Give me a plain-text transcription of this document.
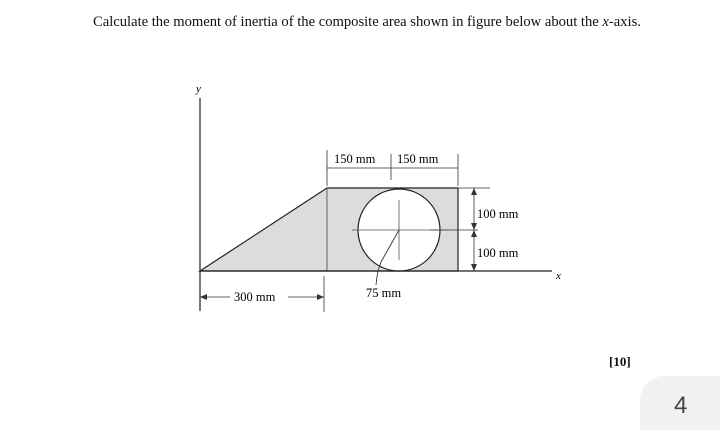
Calculate the moment of inertia of the composite area shown in figure below about the x-axis.

y
x
150 mm 150 mm
100 mm
100 mm
300 mm	75 mm
[10]
4
